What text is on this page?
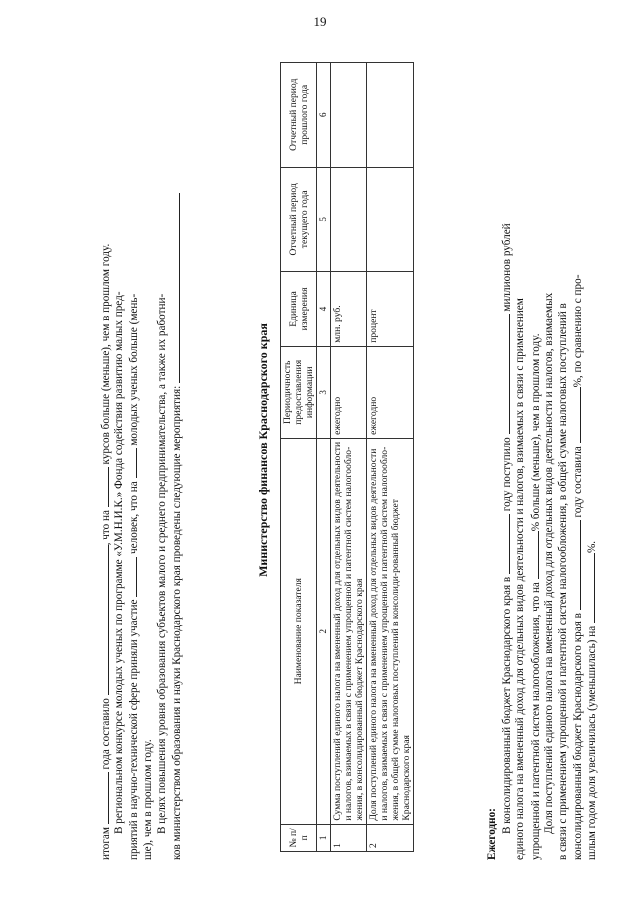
19
итогам  года составило , что на  курсов больше (меньше), чем в прошлом году. В региональном конкурсе молодых ученых по программе «У.М.Н.И.К.» Фонда содействия развитию малых пред- приятий в научно-технической сфере приняли участие  человек, что на  молодых ученых больше (мень-
ше), чем в прошлом году. В целях повышения уровня образования субъектов малого и среднего предпринимательства, а также их работни- ков министерством образования и науки Краснодарского края проведены следующие мероприятия:	Министерство финансов Краснодарского края
№ п/п	Наименование показателя	Периодичность предоставления информации	Единица измерения	Отчетный период текущего года	Отчетный период прошлого года
1	2	3	4	5	6
1	Сумма поступлений единого налога на вмененный доход для отдельных видов деятельности и налогов, взимаемых в связи с применением упрощенной и патентной систем налогообло-жения, в консолидированный бюджет Краснодарского края	ежегодно	млн. руб.		
2	Доля поступлений единого налога на вмененный доход для отдельных видов деятельности и налогов, взимаемых в связи с применением упрощенной и патентной систем налогообло-жения, в общей сумме налоговых поступлений в консолиди-рованный бюджет Краснодарского края	ежегодно	процент		
Ежегодно:
В консолидированный бюджет Краснодарского края в  году поступило  миллионов рублей
единого налога на вмененный доход для отдельных видов деятельности и налогов, взимаемых в связи с применением упрощенной и патентной систем налогообложения, что на % больше (меньше), чем в прошлом году. Доля поступлений единого налога на вмененный доход для отдельных видов деятельности и налогов, взимаемых в связи с применением упрощенной и патентной систем налогообложения, в общей сумме налоговых поступлений в консолидированный бюджет Краснодарского края в  году составила %, по сравнению с про-
шлым годом доля увеличилась (уменьшилась) на %.
